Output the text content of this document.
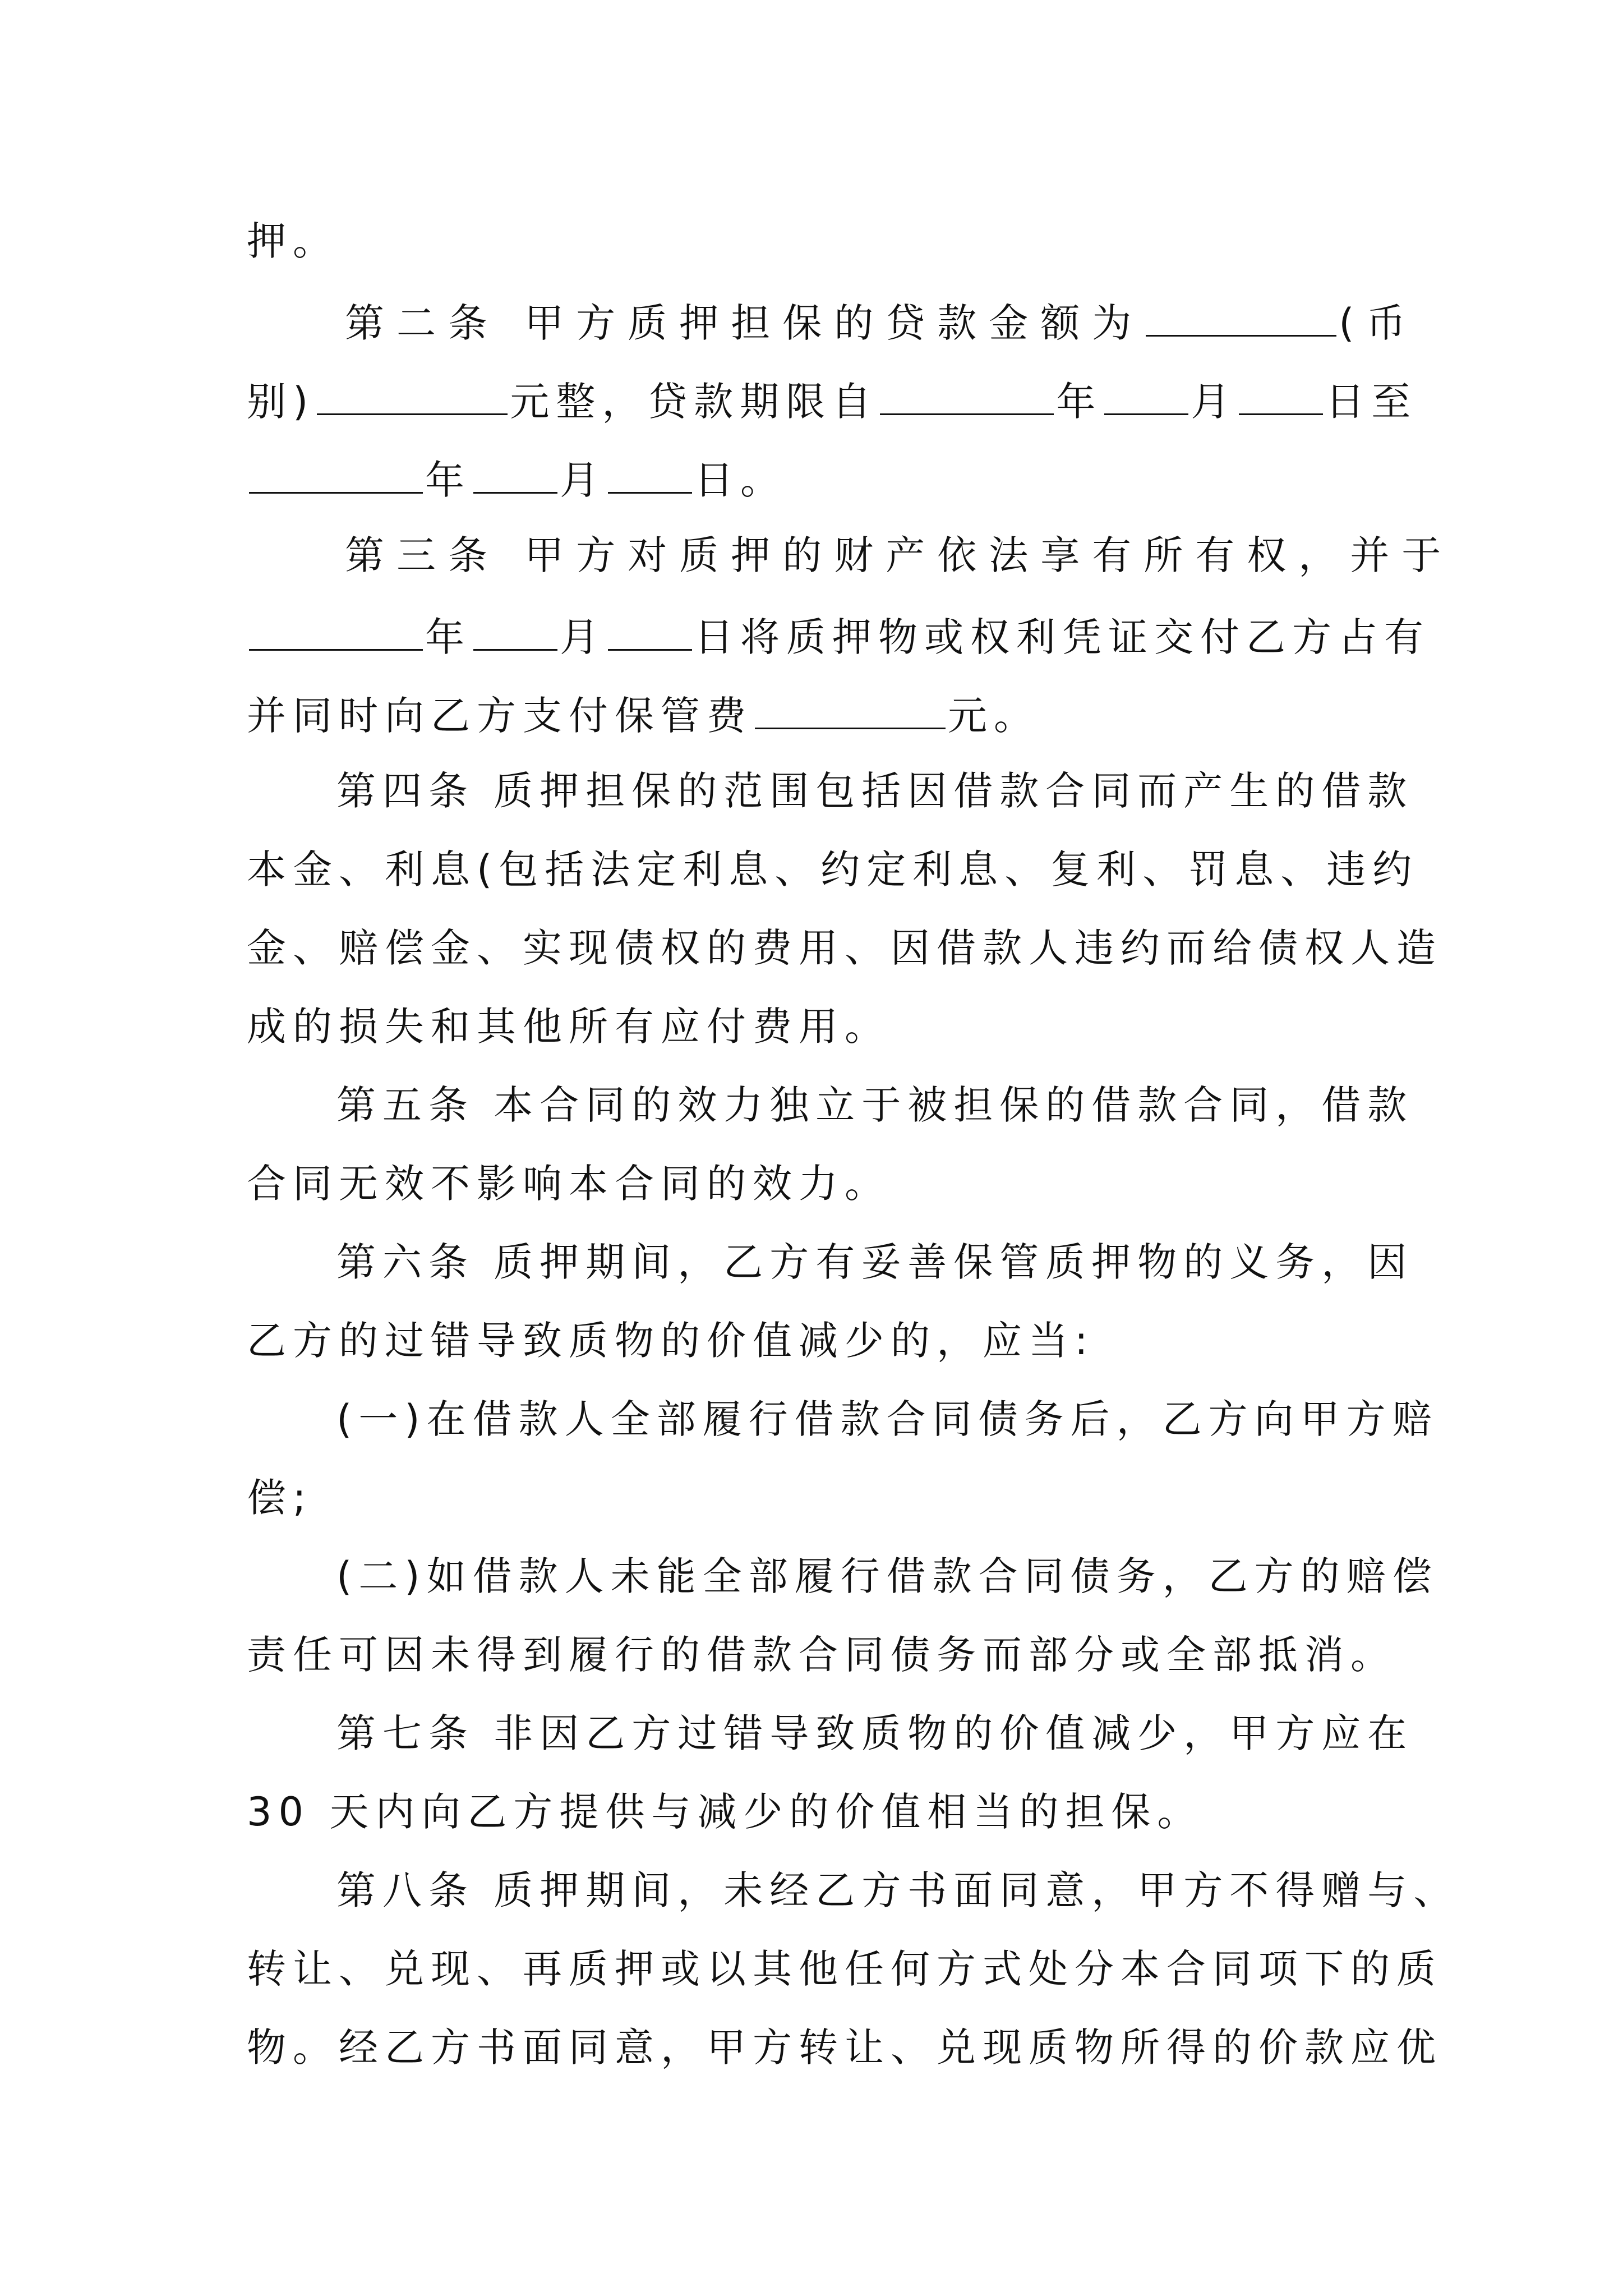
押。
第二条 甲方质押担保的贷款金额为	(币
别)	元整，贷款期限自	年 月 日至
年 月 日。
第三条 甲方对质押的财产依法享有所有权，并于
年 月 日将质押物或权利凭证交付乙方占有
并同时向乙方支付保管费	元。
第四条 质押担保的范围包括因借款合同而产生的借款
本金、利息(包括法定利息、约定利息、复利、罚息、违约
金、赔偿金、实现债权的费用、因借款人违约而给债权人造
成的损失和其他所有应付费用。
第五条 本合同的效力独立于被担保的借款合同，借款
合同无效不影响本合同的效力。
第六条 质押期间，乙方有妥善保管质押物的义务，因
乙方的过错导致质物的价值减少的，应当:
(一)在借款人全部履行借款合同债务后，乙方向甲方赔
偿;
(二)如借款人未能全部履行借款合同债务，乙方的赔偿
责任可因未得到履行的借款合同债务而部分或全部抵消。
第七条 非因乙方过错导致质物的价值减少，甲方应在
30 天内向乙方提供与减少的价值相当的担保。
第八条 质押期间，未经乙方书面同意，甲方不得赠与、
转让、兑现、再质押或以其他任何方式处分本合同项下的质
物。经乙方书面同意，甲方转让、兑现质物所得的价款应优
